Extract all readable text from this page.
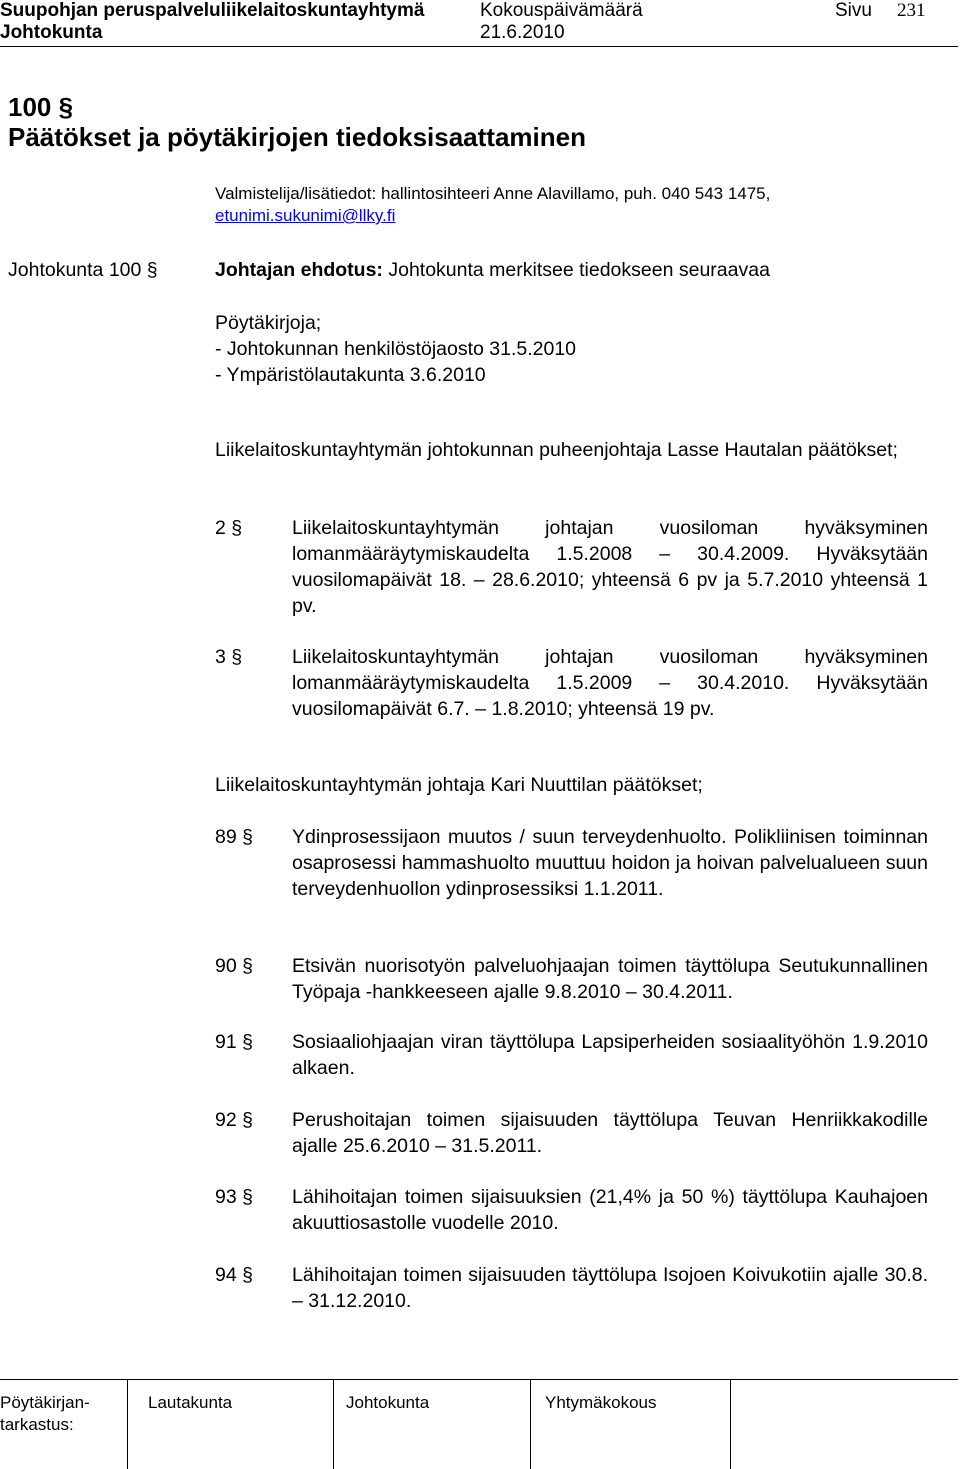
Suupohjan peruspalveluliikelaitoskuntayhtymä
Johtokunta
Kokouspäivämäärä
21.6.2010
Sivu 231
100 §
Päätökset ja pöytäkirjojen tiedoksisaattaminen
Valmistelija/lisätiedot: hallintosihteeri Anne Alavillamo, puh. 040 543 1475,
etunimi.sukunimi@llky.fi
Johtokunta 100 §	Johtajan ehdotus: Johtokunta merkitsee tiedokseen seuraavaa
Pöytäkirjoja;
- Johtokunnan henkilöstöjaosto 31.5.2010
- Ympäristölautakunta 3.6.2010
Liikelaitoskuntayhtymän johtokunnan puheenjohtaja Lasse Hautalan päätökset;
2 §	Liikelaitoskuntayhtymän johtajan vuosiloman hyväksyminen lomanmääräytymiskaudelta 1.5.2008 – 30.4.2009. Hyväksytään vuosilomapäivät 18. – 28.6.2010; yhteensä 6 pv ja 5.7.2010 yhteensä 1 pv.
3 §	Liikelaitoskuntayhtymän johtajan vuosiloman hyväksyminen lomanmääräytymiskaudelta 1.5.2009 – 30.4.2010. Hyväksytään vuosilomapäivät 6.7. – 1.8.2010; yhteensä 19 pv.
Liikelaitoskuntayhtymän johtaja Kari Nuuttilan päätökset;
89 § Ydinprosessijaon muutos / suun terveydenhuolto. Polikliinisen toiminnan osaprosessi hammashuolto muuttuu hoidon ja hoivan palvelualueen suun terveydenhuollon ydinprosessiksi 1.1.2011.
90 § Etsivän nuorisotyön palveluohjaajan toimen täyttölupa Seutukunnallinen Työpaja -hankkeeseen ajalle 9.8.2010 – 30.4.2011.
91 § Sosiaaliohjaajan viran täyttölupa Lapsiperheiden sosiaalityöhön 1.9.2010 alkaen.
92 § Perushoitajan toimen sijaisuuden täyttölupa Teuvan Henriikkakodille ajalle 25.6.2010 – 31.5.2011.
93 § Lähihoitajan toimen sijaisuuksien (21,4% ja 50 %) täyttölupa Kauhajoen akuuttiosastolle vuodelle 2010.
94 § Lähihoitajan toimen sijaisuuden täyttölupa Isojoen Koivukotiin ajalle 30.8. – 31.12.2010.
Pöytäkirjan-
tarkastus:
Lautakunta	Johtokunta	Yhtymäkokous
